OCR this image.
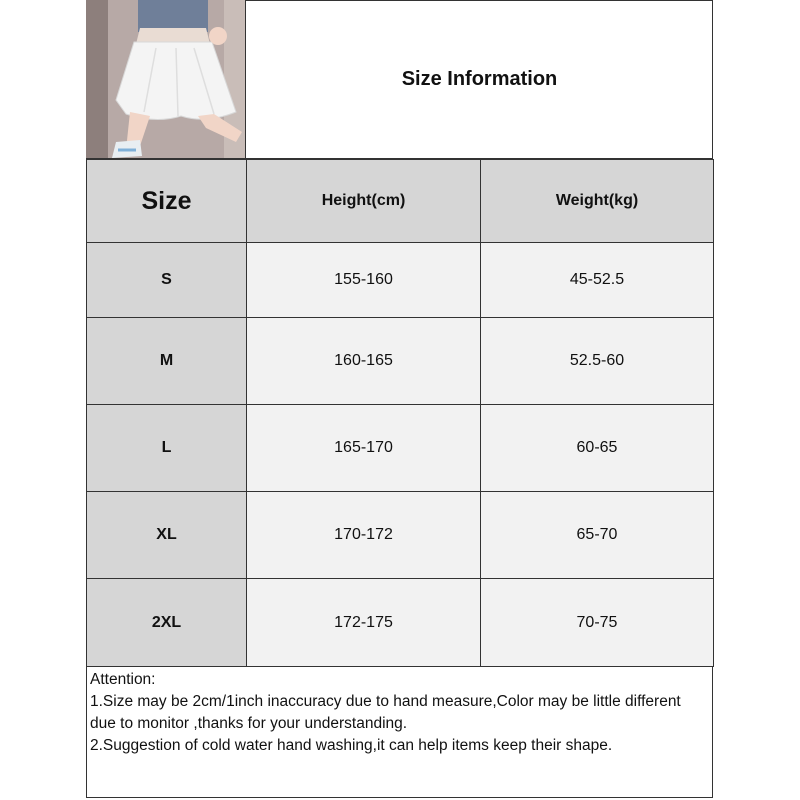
Size Information
Size	Height(cm)	Weight(kg)
S	155-160	45-52.5
M	160-165	52.5-60
L	165-170	60-65
XL	170-172	65-70
2XL	172-175	70-75
Attention:
1.Size may be 2cm/1inch inaccuracy due to hand measure,Color may be little different due to monitor ,thanks for your understanding.
2.Suggestion of cold water hand washing,it can help items keep their shape.
